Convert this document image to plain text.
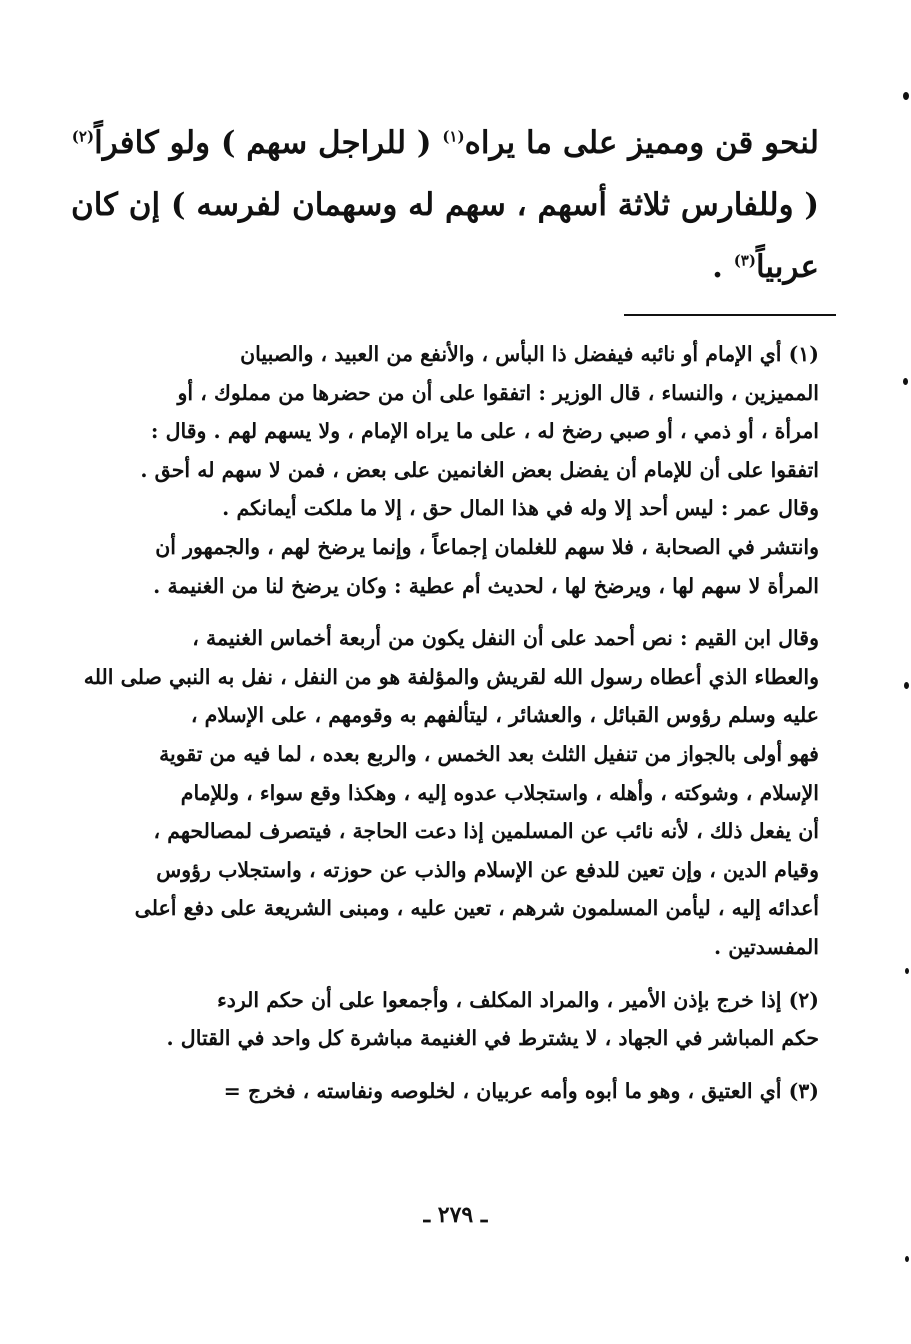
لنحو قن ومميز على ما يراه$^{(١)}$ ( للراجل سهم ) ولو كافراً$^{(٢)}$
( وللفارس ثلاثة أسهم ، سهم له وسهمان لفرسه ) إن كان
عربياً$^{(٣)}$ .
(١) أي الإمام أو نائبه فيفضل ذا البأس ، والأنفع من العبيد ، والصبيان
المميزين ، والنساء ، قال الوزير : اتفقوا على أن من حضرها من مملوك ، أو
امرأة ، أو ذمي ، أو صبي رضخ له ، على ما يراه الإمام ، ولا يسهم لهم . وقال :
اتفقوا على أن للإمام أن يفضل بعض الغانمين على بعض ، فمن لا سهم له أحق .
وقال عمر : ليس أحد إلا وله في هذا المال حق ، إلا ما ملكت أيمانكم .
وانتشر في الصحابة ، فلا سهم للغلمان إجماعاً ، وإنما يرضخ لهم ، والجمهور أن
المرأة لا سهم لها ، ويرضخ لها ، لحديث أم عطية : وكان يرضخ لنا من الغنيمة .
وقال ابن القيم : نص أحمد على أن النفل يكون من أربعة أخماس الغنيمة ،
والعطاء الذي أعطاه رسول الله لقريش والمؤلفة هو من النفل ، نفل به النبي صلى الله
عليه وسلم رؤوس القبائل ، والعشائر ، ليتألفهم به وقومهم ، على الإسلام ،
فهو أولى بالجواز من تنفيل الثلث بعد الخمس ، والربع بعده ، لما فيه من تقوية
الإسلام ، وشوكته ، وأهله ، واستجلاب عدوه إليه ، وهكذا وقع سواء ، وللإمام
أن يفعل ذلك ، لأنه نائب عن المسلمين إذا دعت الحاجة ، فيتصرف لمصالحهم ،
وقيام الدين ، وإن تعين للدفع عن الإسلام والذب عن حوزته ، واستجلاب رؤوس
أعدائه إليه ، ليأمن المسلمون شرهم ، تعين عليه ، ومبنى الشريعة على دفع أعلى
المفسدتين .
(٢) إذا خرج بإذن الأمير ، والمراد المكلف ، وأجمعوا على أن حكم الردء
حكم المباشر في الجهاد ، لا يشترط في الغنيمة مباشرة كل واحد في القتال .
(٣) أي العتيق ، وهو ما أبوه وأمه عربيان ، لخلوصه ونفاسته ، فخرج =
ـ ٢٧٩ ـ
